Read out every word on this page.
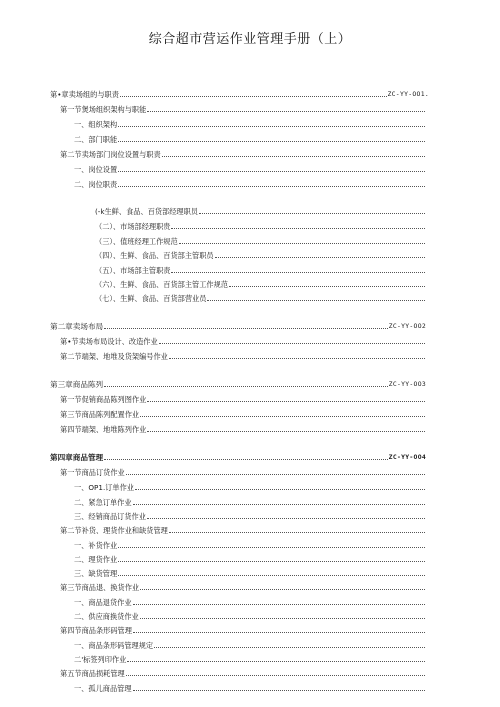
综合超市营运作业管理手册（上）
第•章卖场组的与职责	ZC-YY-OO1.
第一节煲场组织架构与职能
一、组织架构
二、部门职能
第二节卖场部门岗位设置与职责
一、岗位设置
二、岗位职责
(-k生鲜、食品、百货部经理职员
（二）、市场部经理职贵
（三）、值班经理工作规范
（四）、生鲜、食品、百货部主管职员
（五）、市场部主管职责
（六）、生鲜、食品、百货部主管工作规范
（七）、生鲜、食品、百货部营业员
第二章卖场布局	ZC-YY-OO2
第•节卖场布局设计、改造作业
第二节端架、地堆及货架编号作业
第三章商品陈列	ZC-YY-OO3
第一节促销商品陈列图作业
第三节商品陈列配置作业
第四节端架、地堆陈列作业
第四章商品管理	ZC-YY-OO4
第一节商品订货作业
一、OP1.订单作业
二、紧急订单作业
三、经销商品订货作业
第二节补货、理货作业和缺货管理
一、补货作业
二、理货作业
三、缺货管理
第三节商品退、换货作业
一、商品退货作业
二、供应商换货作业
第四节商品条形码管理
一、商品条形码管理规定
二'标签列印作业
第五节商品损耗管理
一、孤儿商品管理
